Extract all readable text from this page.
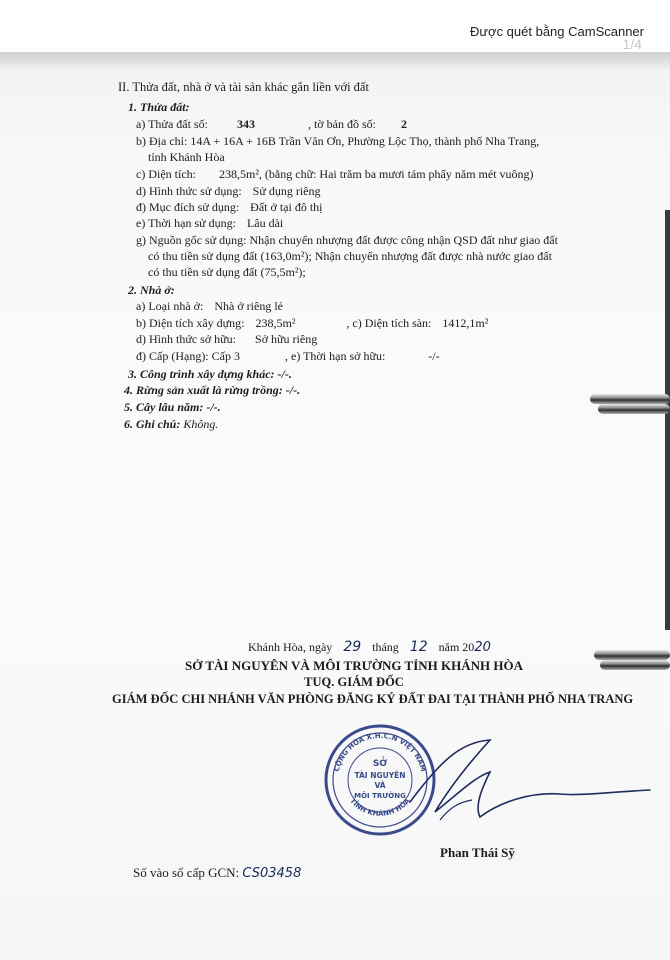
Được quét bằng CamScanner
1/4
II. Thửa đất, nhà ở và tài sản khác gắn liền với đất
1. Thửa đất:
a) Thửa đất số: 343	, tờ bản đồ số: 2
b) Địa chỉ: 14A + 16A + 16B Trần Văn Ơn, Phường Lộc Thọ, thành phố Nha Trang,
tỉnh Khánh Hòa
c) Diện tích: 238,5m², (bằng chữ: Hai trăm ba mươi tám phẩy năm mét vuông)
d) Hình thức sử dụng: Sử dụng riêng
đ) Mục đích sử dụng: Đất ở tại đô thị
e) Thời hạn sử dụng: Lâu dài
g) Nguồn gốc sử dụng: Nhận chuyển nhượng đất được công nhận QSD đất như giao đất
có thu tiền sử dụng đất (163,0m²); Nhận chuyển nhượng đất được nhà nước giao đất
có thu tiền sử dụng đất (75,5m²);
2. Nhà ở:
a) Loại nhà ở: Nhà ở riêng lẻ
b) Diện tích xây dựng: 238,5m²	, c) Diện tích sàn: 1412,1m²
d) Hình thức sở hữu: Sở hữu riêng
đ) Cấp (Hạng): Cấp 3	, e) Thời hạn sở hữu:	-/-
3. Công trình xây dựng khác: -/-.
4. Rừng sản xuất là rừng trồng: -/-.
5. Cây lâu năm: -/-.
6. Ghi chú: Không.
Khánh Hòa, ngày 29 tháng 12 năm 2020
SỞ TÀI NGUYÊN VÀ MÔI TRƯỜNG TỈNH KHÁNH HÒA
TUQ. GIÁM ĐỐC
GIÁM ĐỐC CHI NHÁNH VĂN PHÒNG ĐĂNG KÝ ĐẤT ĐAI TẠI THÀNH PHỐ NHA TRANG
CỘNG HÒA X.H.C.N VIỆT NAM
TỈNH KHÁNH HÒA
SỞ
TÀI NGUYÊN
VÀ
MÔI TRƯỜNG
Phan Thái Sỹ
Số vào sổ cấp GCN: CS03458
